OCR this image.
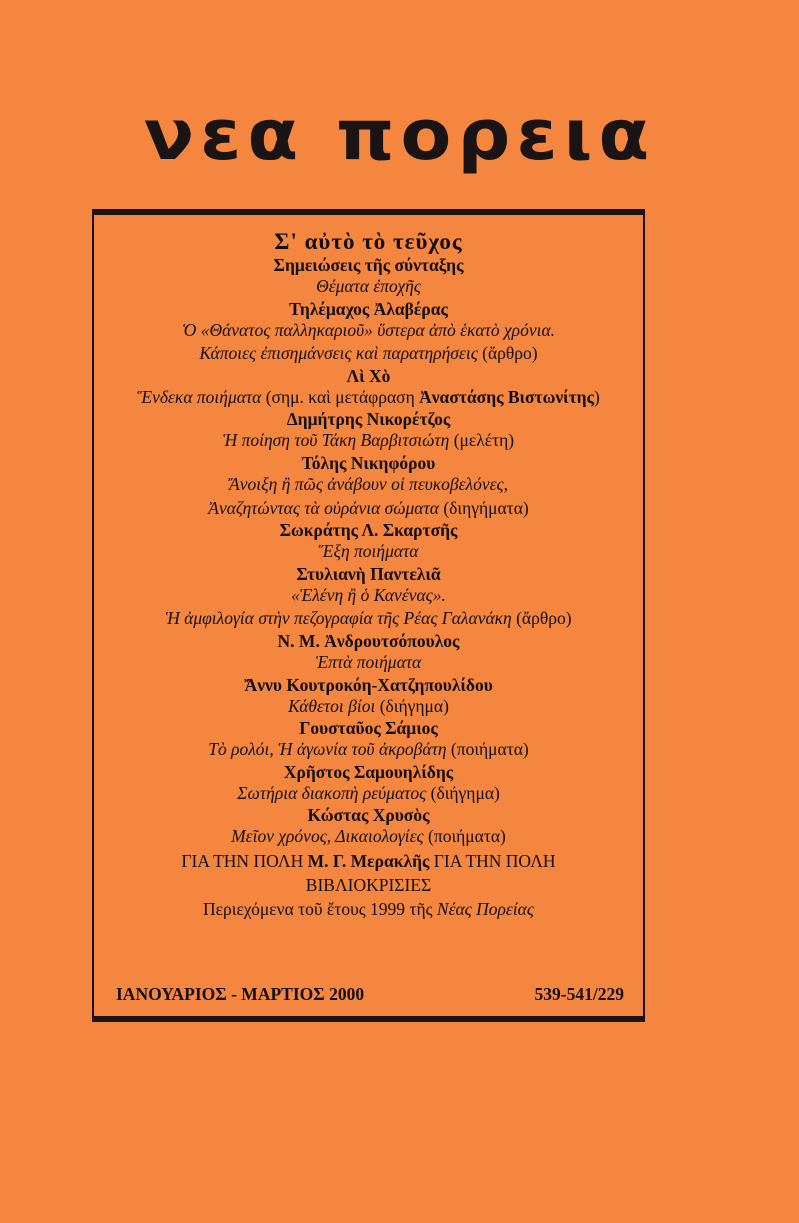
νεα πορεια
Σ' αὐτὸ τὸ τεῦχος
Σημειώσεις τῆς σύνταξης
Θέματα ἐποχῆς
Τηλέμαχος Ἀλαβέρας
Ὁ «Θάνατος παλληκαριοῦ» ὕστερα ἀπὸ ἑκατὸ χρόνια.
Κάποιες ἐπισημάνσεις καὶ παρατηρήσεις (ἄρθρο)
Λὶ Χὸ
Ἕνδεκα ποιήματα (σημ. καὶ μετάφραση Ἀναστάσης Βιστωνίτης)
Δημήτρης Νικορέτζος
Ἡ ποίηση τοῦ Τάκη Βαρβιτσιώτη (μελέτη)
Τόλης Νικηφόρου
Ἄνοιξη ἢ πῶς ἀνάβουν οἱ πευκοβελόνες,
Ἀναζητώντας τὰ οὐράνια σώματα (διηγήματα)
Σωκράτης Λ. Σκαρτσῆς
Ἕξη ποιήματα
Στυλιανὴ Παντελιᾶ
«Ἑλένη ἢ ὁ Κανένας».
Ἡ ἀμφιλογία στὴν πεζογραφία τῆς Ρέας Γαλανάκη (ἄρθρο)
Ν. Μ. Ἀνδρουτσόπουλος
Ἑπτὰ ποιήματα
Ἄννυ Κουτροκόη-Χατζηπουλίδου
Κάθετοι βίοι (διήγημα)
Γουσταῦος Σάμιος
Τὸ ρολόι, Ἡ ἀγωνία τοῦ ἀκροβάτη (ποιήματα)
Χρῆστος Σαμουηλίδης
Σωτήρια διακοπὴ ρεύματος (διήγημα)
Κώστας Χρυσὸς
Μεῖον χρόνος, Δικαιολογίες (ποιήματα)
ΓΙΑ ΤΗΝ ΠΟΛΗ Μ. Γ. Μερακλῆς ΓΙΑ ΤΗΝ ΠΟΛΗ
ΒΙΒΛΙΟΚΡΙΣΙΕΣ
Περιεχόμενα τοῦ ἔτους 1999 τῆς Νέας Πορείας
ΙΑΝΟΥΑΡΙΟΣ - ΜΑΡΤΙΟΣ 2000	539-541/229
